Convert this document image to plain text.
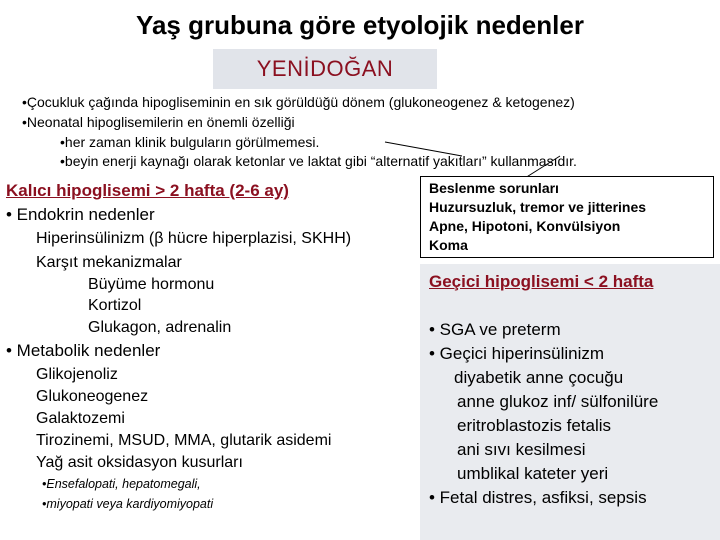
Yaş grubuna göre etyolojik nedenler
YENİDOĞAN
•Çocukluk çağında hipogliseminin en sık görüldüğü dönem (glukoneogenez & ketogenez)
•Neonatal hipoglisemilerin en önemli özelliği
•her zaman klinik bulguların görülmemesi.
•beyin enerji kaynağı olarak ketonlar ve laktat gibi “alternatif yakıtları” kullanmasıdır.
Beslenme sorunları
Huzursuzluk, tremor ve jitterines
Apne, Hipotoni, Konvülsiyon
Koma
Kalıcı hipoglisemi > 2 hafta (2-6 ay)
• Endokrin nedenler
Hiperinsülinizm (β hücre hiperplazisi, SKHH)
Karşıt mekanizmalar
Büyüme hormonu
Kortizol
Glukagon, adrenalin
• Metabolik nedenler
Glikojenoliz
Glukoneogenez
Galaktozemi
Tirozinemi, MSUD, MMA, glutarik asidemi
Yağ asit oksidasyon kusurları
•Ensefalopati, hepatomegali,
•miyopati veya kardiyomiyopati
Geçici hipoglisemi < 2 hafta
• SGA ve preterm
• Geçici hiperinsülinizm
diyabetik anne çocuğu
anne glukoz inf/ sülfonilüre
eritroblastozis fetalis
ani sıvı kesilmesi
umblikal kateter yeri
• Fetal distres, asfiksi, sepsis
